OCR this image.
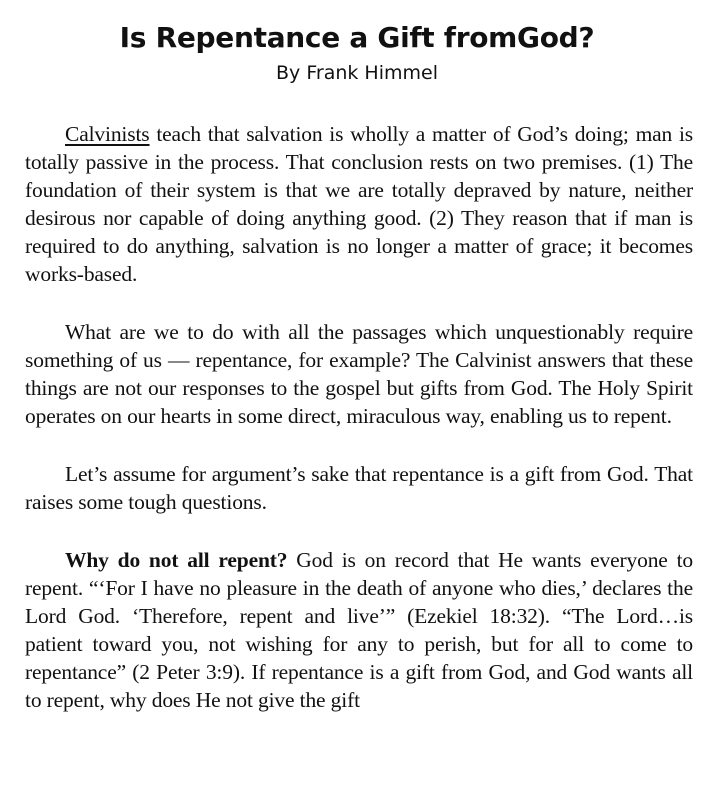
Is Repentance a Gift fromGod?
By Frank Himmel

Calvinists teach that salvation is wholly a matter of God’s doing; man is totally passive in the process. That conclusion rests on two premises. (1) The foundation of their system is that we are totally depraved by nature, neither desirous nor capable of doing anything good. (2) They reason that if man is required to do anything, salvation is no longer a matter of grace; it becomes works-based.

What are we to do with all the passages which unquestionably require something of us — repentance, for example? The Calvinist answers that these things are not our responses to the gospel but gifts from God. The Holy Spirit operates on our hearts in some direct, miraculous way, enabling us to repent.

Let’s assume for argument’s sake that repentance is a gift from God. That raises some tough questions.

Why do not all repent? God is on record that He wants everyone to repent. “‘For I have no pleasure in the death of anyone who dies,’ declares the Lord God. ‘Therefore, repent and live’” (Ezekiel 18:32). “The Lord…is patient toward you, not wishing for any to perish, but for all to come to repentance” (2 Peter 3:9). If repentance is a gift from God, and God wants all to repent, why does He not give the gift
